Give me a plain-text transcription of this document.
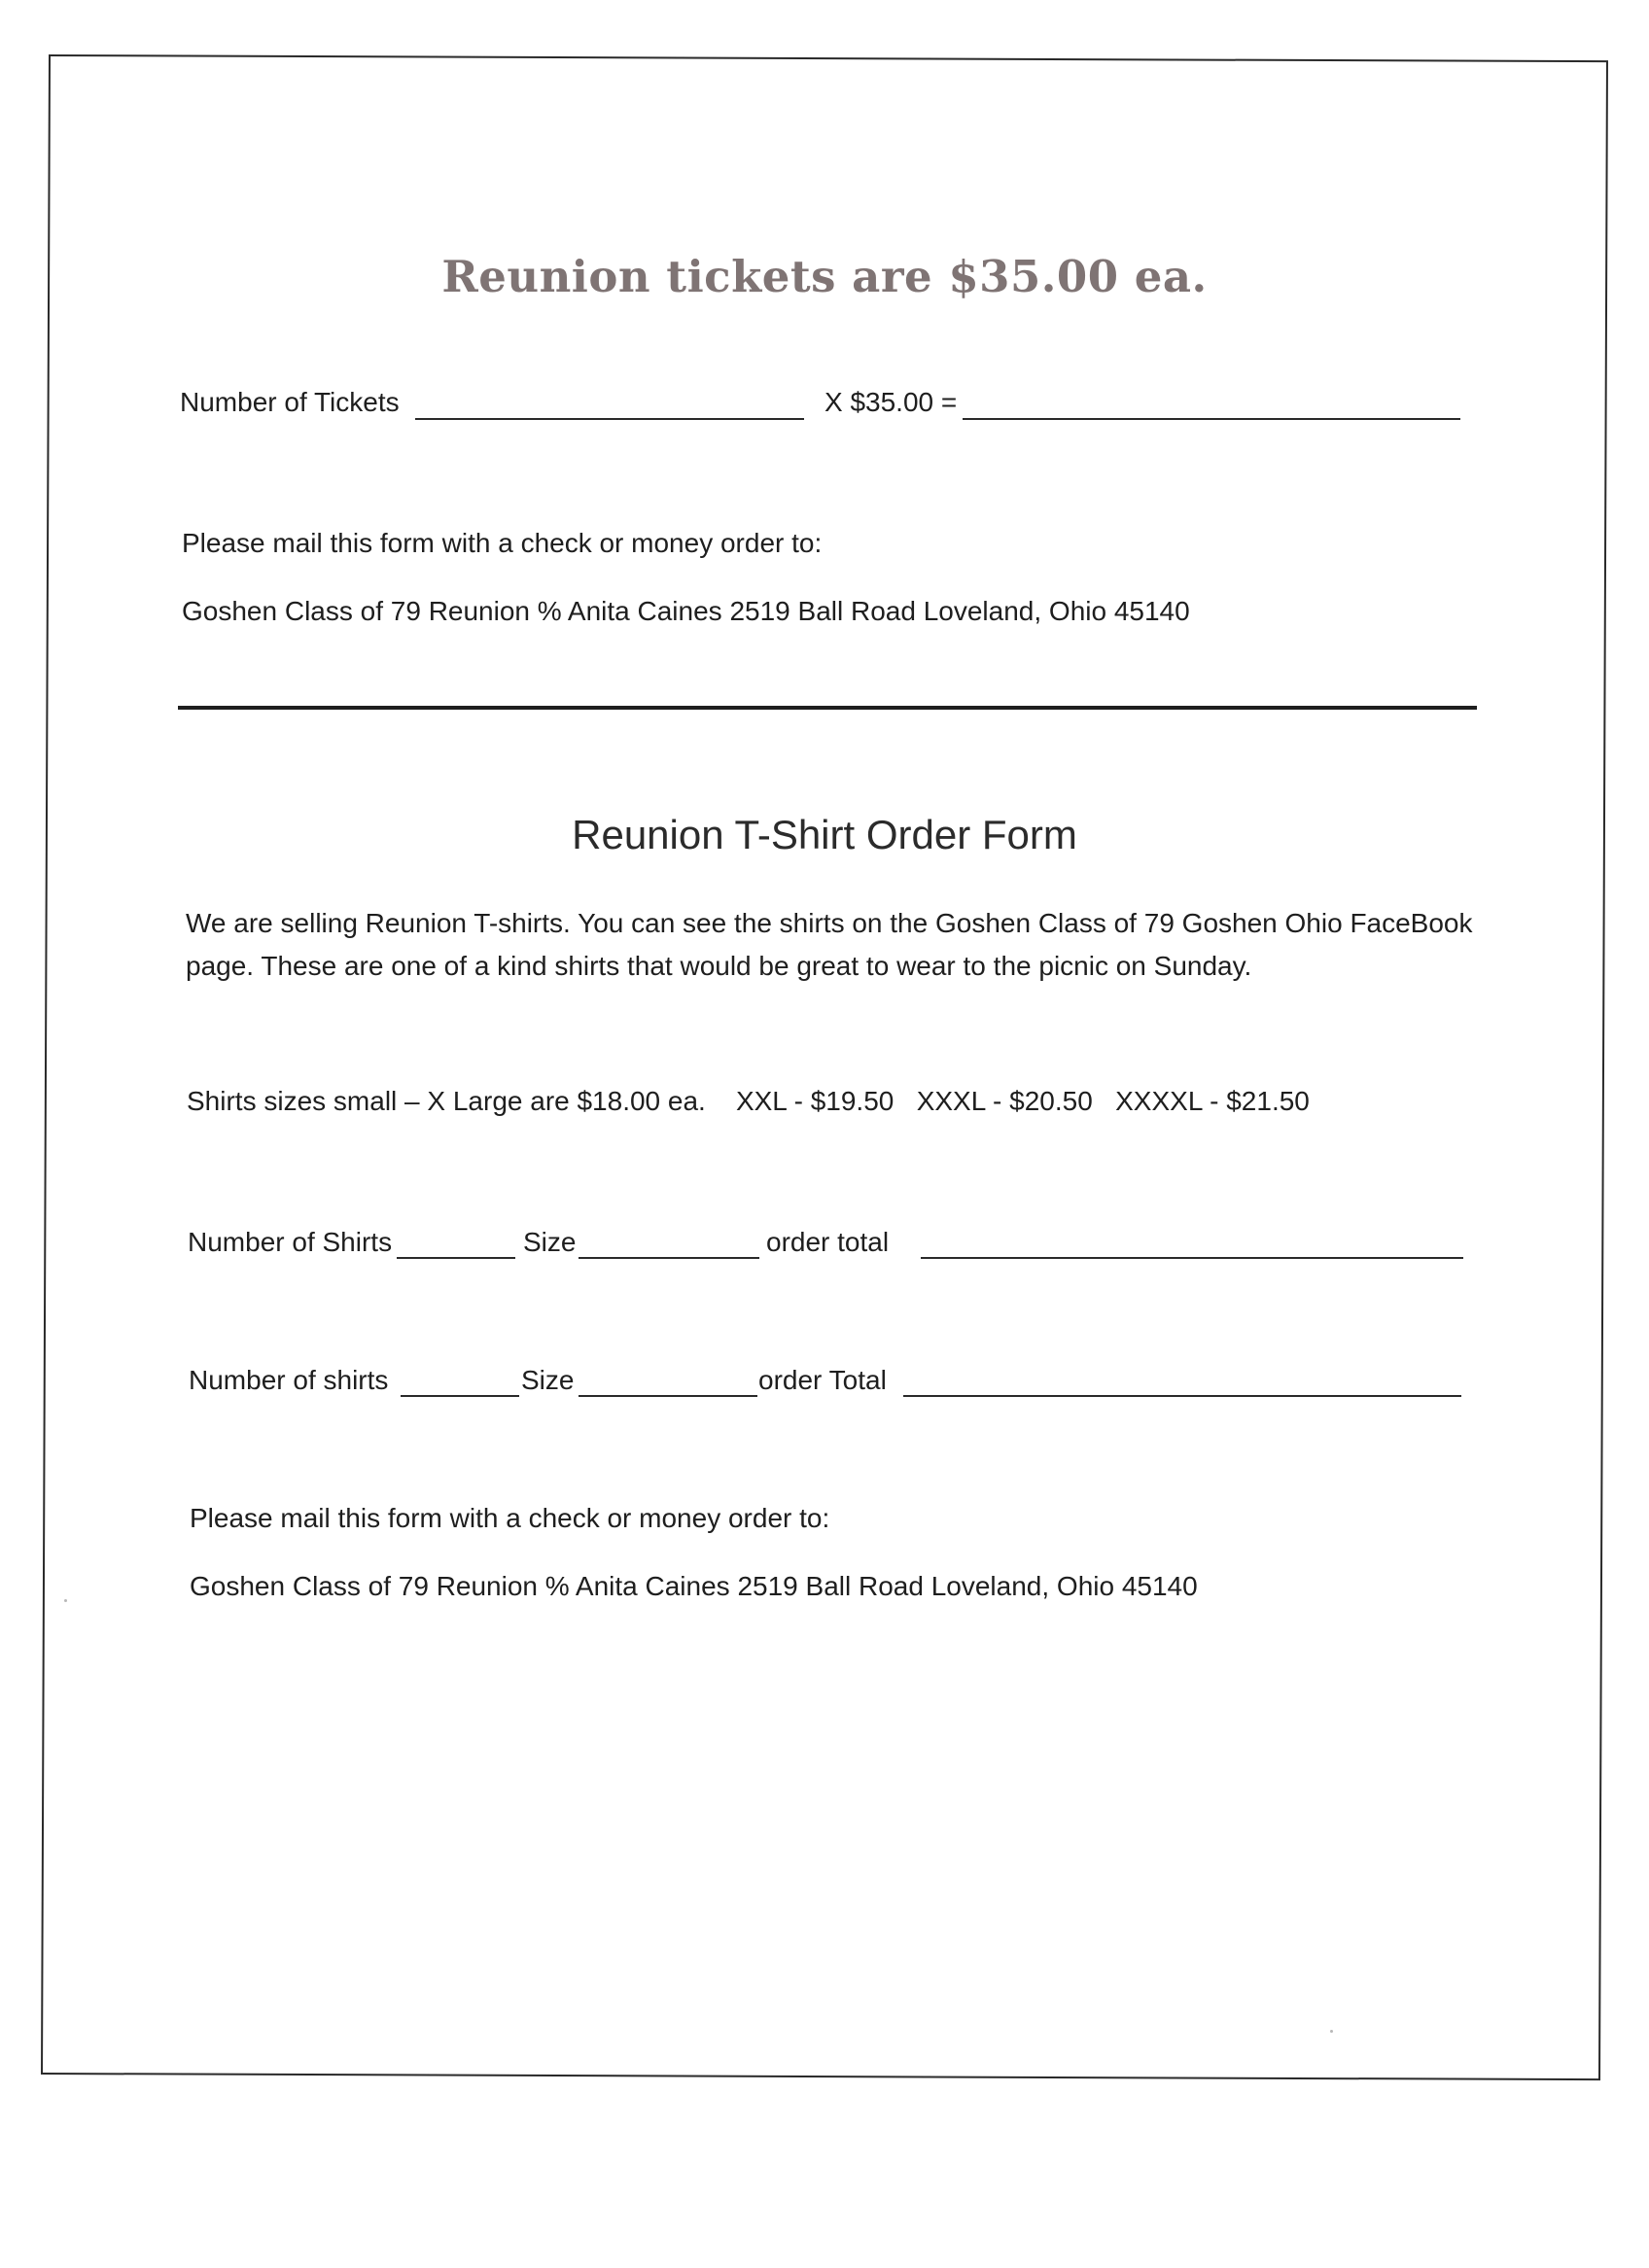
Reunion tickets are $35.00 ea.
Number of Tickets	X $35.00 =
Please mail this form with a check or money order to:
Goshen Class of 79 Reunion % Anita Caines 2519 Ball Road Loveland, Ohio 45140
Reunion T-Shirt Order Form
We are selling Reunion T-shirts. You can see the shirts on the Goshen Class of 79 Goshen Ohio FaceBook page. These are one of a kind shirts that would be great to wear to the picnic on Sunday.
Shirts sizes small – X Large are $18.00 ea.    XXL - $19.50   XXXL - $20.50   XXXXL - $21.50
Number of Shirts	Size	order total
Number of shirts	Size	order Total
Please mail this form with a check or money order to:
Goshen Class of 79 Reunion % Anita Caines 2519 Ball Road Loveland, Ohio 45140
